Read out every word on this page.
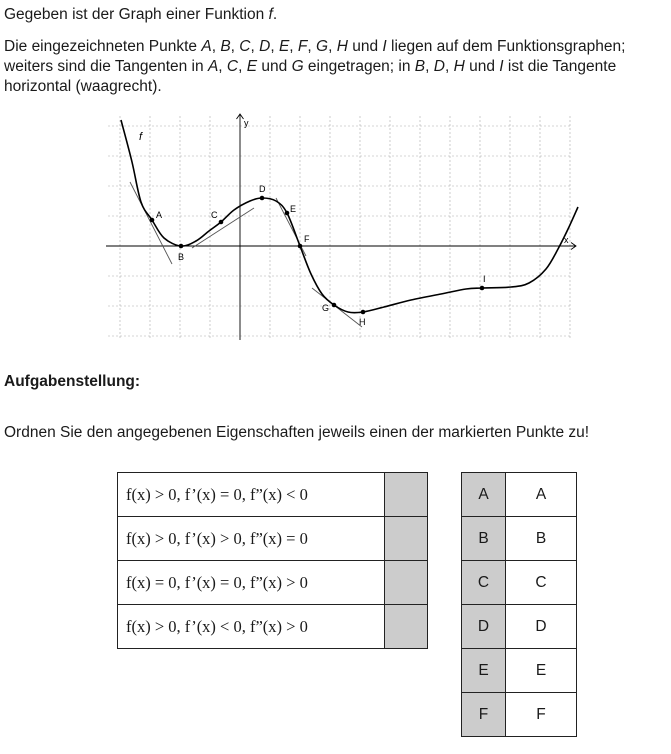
Gegeben ist der Graph einer Funktion f.

Die eingezeichneten Punkte A, B, C, D, E, F, G, H und I liegen auf dem Funktionsgraphen; weiters sind die Tangenten in A, C, E und G eingetragen; in B, D, H und I ist die Tangente horizontal (waagrecht).

x
y
f
A
B
C
D
E
F
G
H
I

Aufgabenstellung:

Ordnen Sie den angegebenen Eigenschaften jeweils einen der markierten Punkte zu!

f(x) > 0, f’(x) = 0, f”(x) < 0	
f(x) > 0, f’(x) > 0, f”(x) = 0	
f(x) = 0, f’(x) = 0, f”(x) > 0	
f(x) > 0, f’(x) < 0, f”(x) > 0	
A	A
B	B
C	C
D	D
E	E
F	F
